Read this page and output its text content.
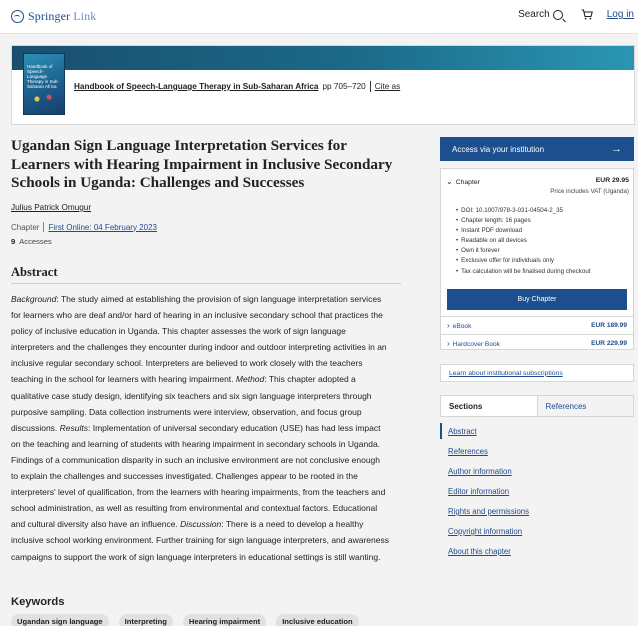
Springer Link	Search	Log in
Handbook of Speech-Language Therapy in Sub-Saharan Africa	Handbook of Speech-Language Therapy in Sub-Saharan Africa pp 705–720 Cite as
Ugandan Sign Language Interpretation Services for Learners with Hearing Impairment in Inclusive Secondary Schools in Uganda: Challenges and Successes
Julius Patrick Omugur
Chapter First Online: 04 February 2023
9 Accesses
Abstract

Background: The study aimed at establishing the provision of sign language interpretation services for learners who are deaf and/or hard of hearing in an inclusive secondary school that practices the policy of inclusive education in Uganda. This chapter assesses the work of sign language interpreters and the challenges they encounter during indoor and outdoor interpreting activities in an inclusive regular secondary school. Interpreters are believed to work closely with the teachers teaching in the school for learners with hearing impairment. Method: This chapter adopted a qualitative case study design, identifying six teachers and six sign language interpreters through purposive sampling. Data collection instruments were interview, observation, and focus group discussions. Results: Implementation of universal secondary education (USE) has had less impact on the teaching and learning of students with hearing impairment in secondary schools in Uganda. Findings of a communication disparity in such an inclusive environment are not conclusive enough to explain the challenges and successes investigated. Challenges appear to be rooted in the interpreters' level of qualification, from the learners with hearing impairments, from the teachers and school administration, as well as resulting from environmental and contextual factors. Educational and cultural diversity also have an influence. Discussion: There is a need to develop a healthy inclusive school working environment. Further training for sign language interpreters, and awareness campaigns to support the work of sign language interpreters in educational settings is still wanting.

Keywords
Ugandan sign language	Interpreting	Hearing impairment	Inclusive education
Access via your institution	→
⌄ Chapter	EUR 29.95
Price includes VAT (Uganda)
• DOI: 10.1007/978-3-031-04504-2_35
• Chapter length: 16 pages
• Instant PDF download
• Readable on all devices
• Own it forever
• Exclusive offer for individuals only
• Tax calculation will be finalised during checkout
Buy Chapter
› eBook	EUR 189.99
› Hardcover Book	EUR 229.99
Learn about institutional subscriptions
Sections	References
Abstract
References
Author information
Editor information
Rights and permissions
Copyright information
About this chapter
